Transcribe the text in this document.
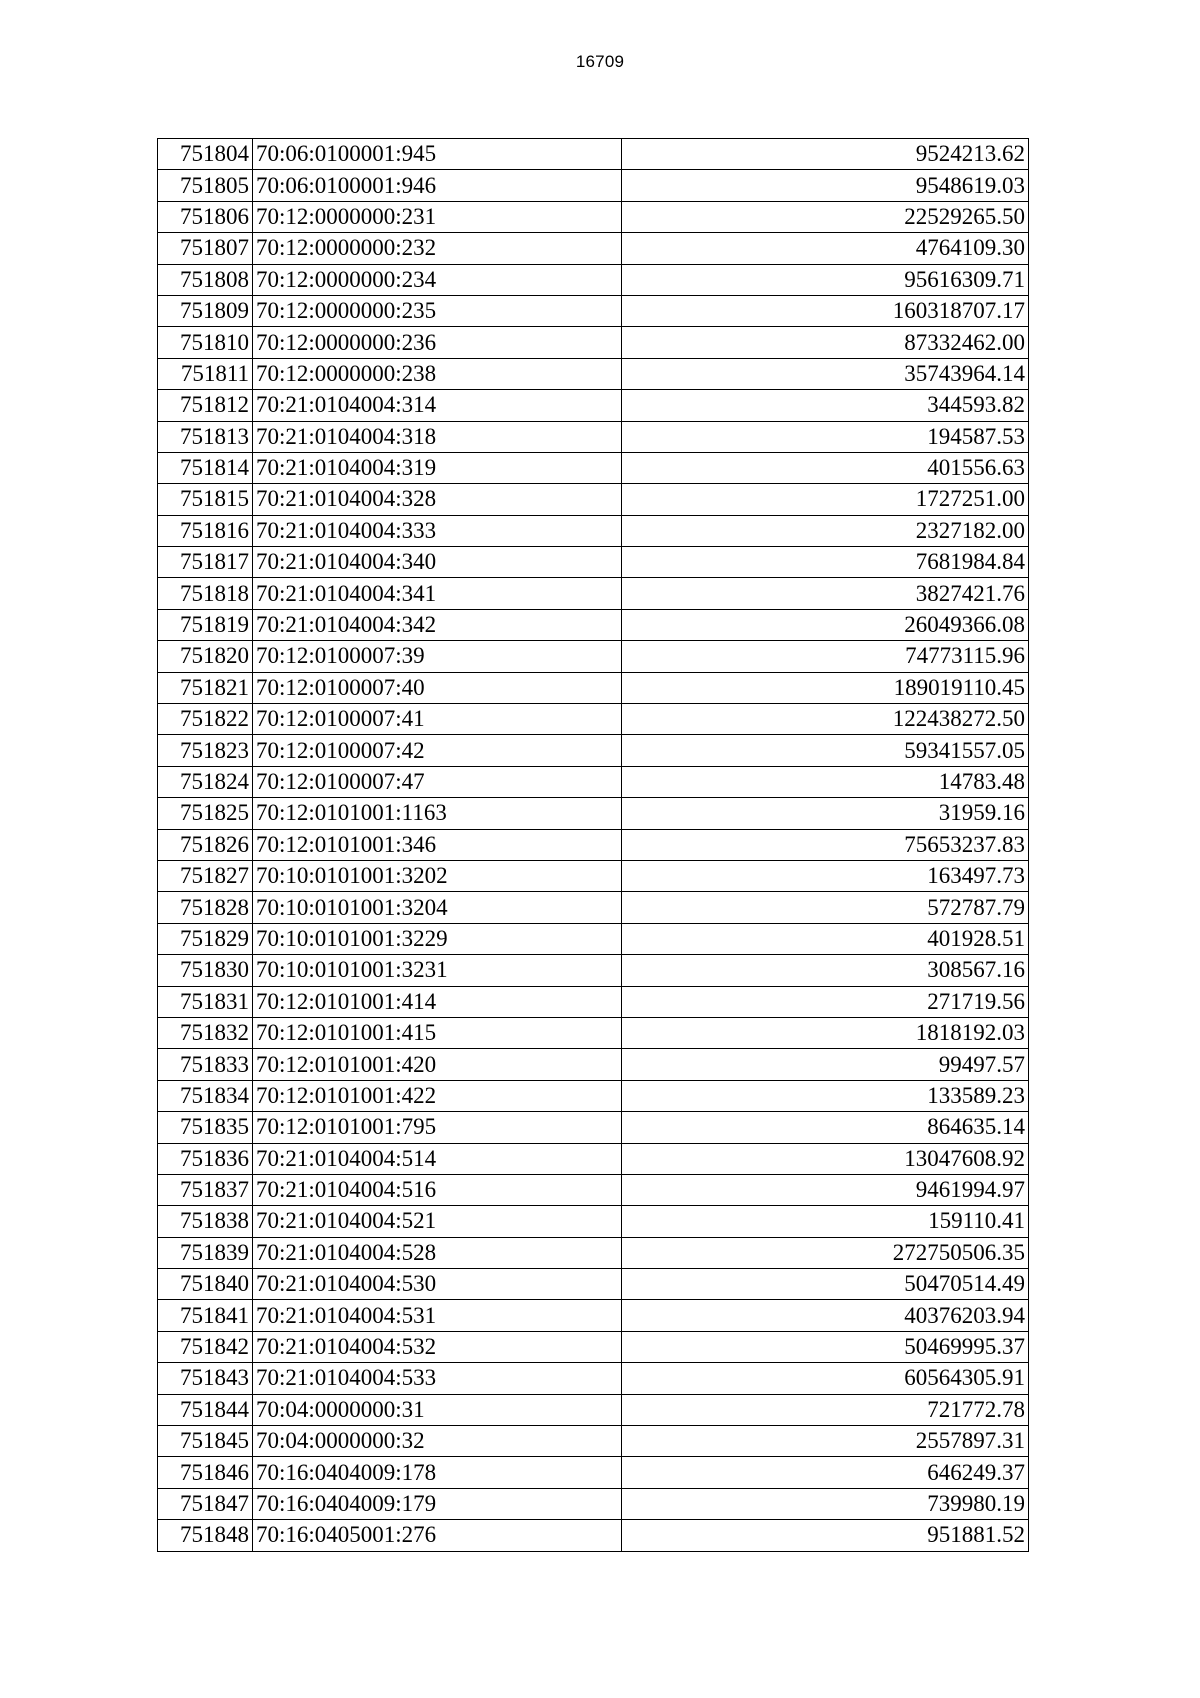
16709
751804	70:06:0100001:945	9524213.62
751805	70:06:0100001:946	9548619.03
751806	70:12:0000000:231	22529265.50
751807	70:12:0000000:232	4764109.30
751808	70:12:0000000:234	95616309.71
751809	70:12:0000000:235	160318707.17
751810	70:12:0000000:236	87332462.00
751811	70:12:0000000:238	35743964.14
751812	70:21:0104004:314	344593.82
751813	70:21:0104004:318	194587.53
751814	70:21:0104004:319	401556.63
751815	70:21:0104004:328	1727251.00
751816	70:21:0104004:333	2327182.00
751817	70:21:0104004:340	7681984.84
751818	70:21:0104004:341	3827421.76
751819	70:21:0104004:342	26049366.08
751820	70:12:0100007:39	74773115.96
751821	70:12:0100007:40	189019110.45
751822	70:12:0100007:41	122438272.50
751823	70:12:0100007:42	59341557.05
751824	70:12:0100007:47	14783.48
751825	70:12:0101001:1163	31959.16
751826	70:12:0101001:346	75653237.83
751827	70:10:0101001:3202	163497.73
751828	70:10:0101001:3204	572787.79
751829	70:10:0101001:3229	401928.51
751830	70:10:0101001:3231	308567.16
751831	70:12:0101001:414	271719.56
751832	70:12:0101001:415	1818192.03
751833	70:12:0101001:420	99497.57
751834	70:12:0101001:422	133589.23
751835	70:12:0101001:795	864635.14
751836	70:21:0104004:514	13047608.92
751837	70:21:0104004:516	9461994.97
751838	70:21:0104004:521	159110.41
751839	70:21:0104004:528	272750506.35
751840	70:21:0104004:530	50470514.49
751841	70:21:0104004:531	40376203.94
751842	70:21:0104004:532	50469995.37
751843	70:21:0104004:533	60564305.91
751844	70:04:0000000:31	721772.78
751845	70:04:0000000:32	2557897.31
751846	70:16:0404009:178	646249.37
751847	70:16:0404009:179	739980.19
751848	70:16:0405001:276	951881.52
